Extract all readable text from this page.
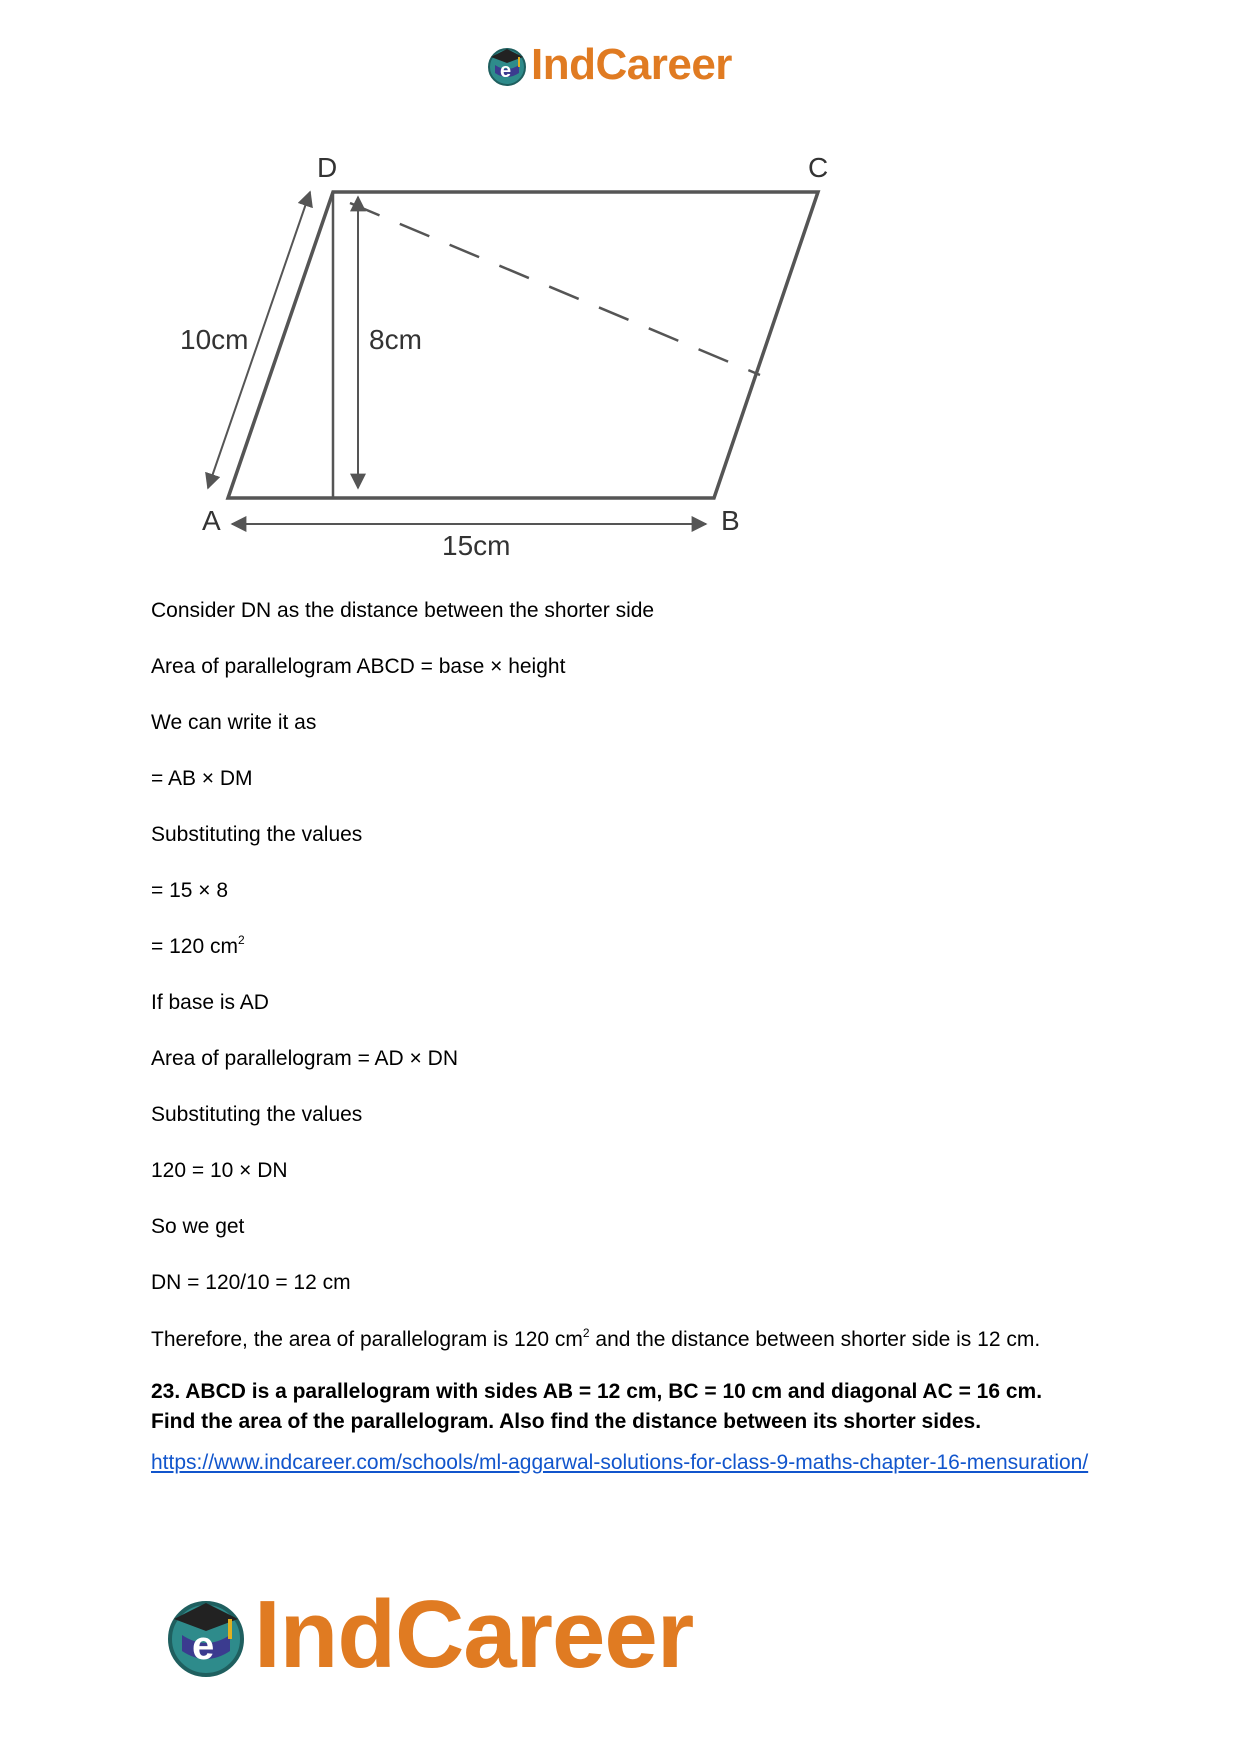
e IndCareer
D	C
A	B
10cm	8cm
15cm

Consider DN as the distance between the shorter side

Area of parallelogram ABCD = base × height

We can write it as

= AB × DM

Substituting the values

= 15 × 8

= 120 $cm^2$

If base is AD

Area of parallelogram = AD × DN

Substituting the values

120 = 10 × DN

So we get

DN = 120/10 = 12 cm

Therefore, the area of parallelogram is 120 $cm^2$ and the distance between shorter side is 12 cm.

23. ABCD is a parallelogram with sides AB = 12 cm, BC = 10 cm and diagonal AC = 16 cm. Find the area of the parallelogram. Also find the distance between its shorter sides.

https://www.indcareer.com/schools/ml-aggarwal-solutions-for-class-9-maths-chapter-16-mensuration/
e IndCareer
